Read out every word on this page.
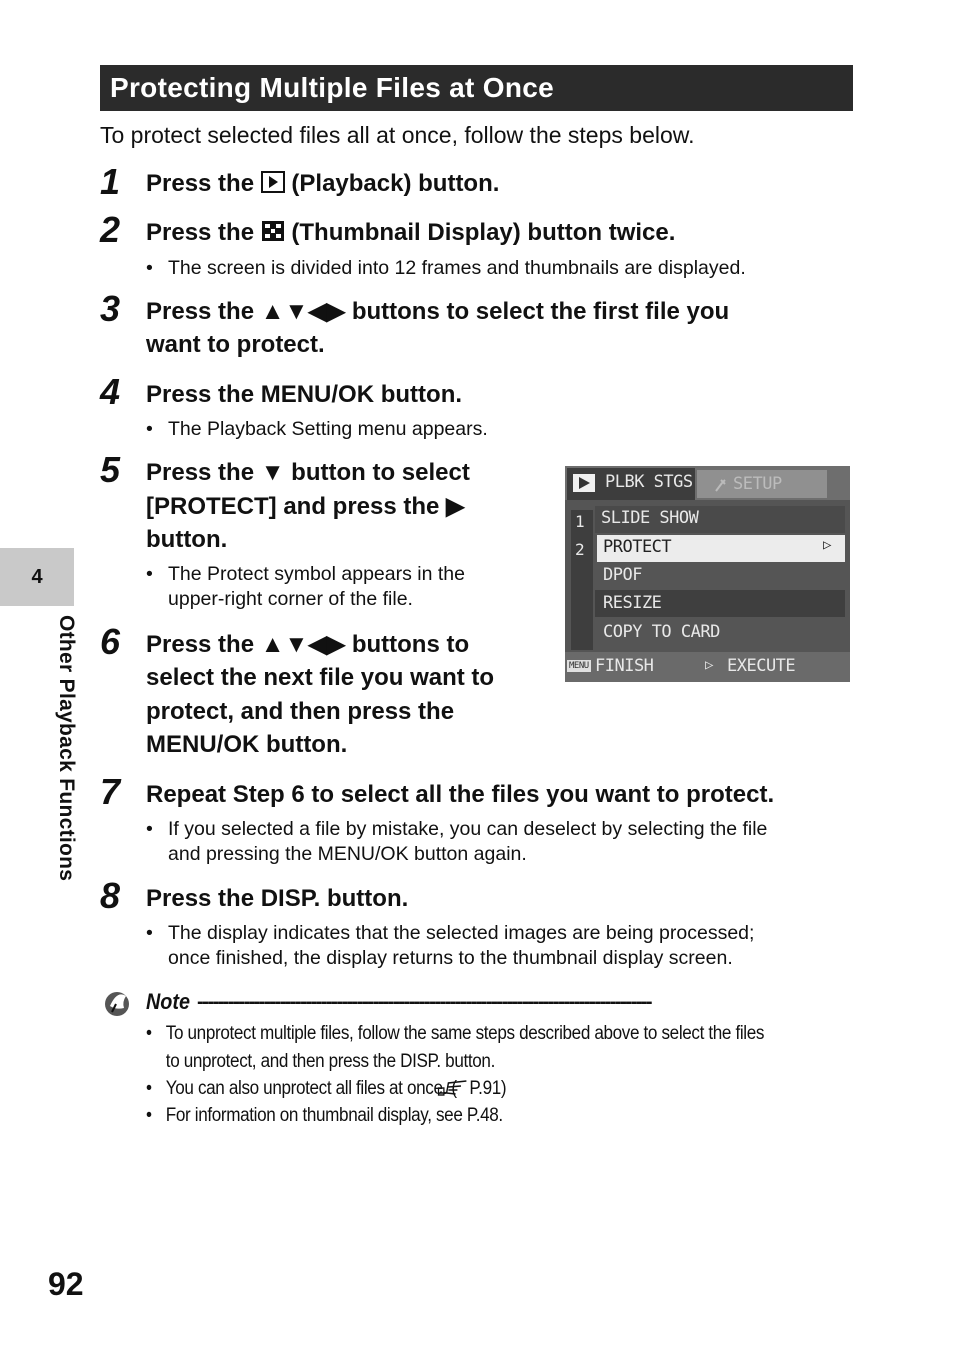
Protecting Multiple Files at Once
To protect selected files all at once, follow the steps below.
1 Press the  (Playback) button.
2 Press the  (Thumbnail Display) button twice.
• The screen is divided into 12 frames and thumbnails are displayed.
3 Press the ▲▼◀▶ buttons to select the first file you
want to protect.
4 Press the MENU/OK button.
• The Playback Setting menu appears.
5 Press the ▼ button to select
[PROTECT] and press the ▶
button.
• The Protect symbol appears in the
upper-right corner of the file.
PLBK STGS SETUP
1
2
SLIDE SHOW
PROTECT	▷
DPOF
RESIZE
COPY TO CARD
MENU FINISH	▷ EXECUTE
6 Press the ▲▼◀▶ buttons to
select the next file you want to
protect, and then press the
MENU/OK button.
7 Repeat Step 6 to select all the files you want to protect.
• If you selected a file by mistake, you can deselect by selecting the file
and pressing the MENU/OK button again.
8 Press the DISP. button.
• The display indicates that the selected images are being processed;
once finished, the display returns to the thumbnail display screen.
Note ----------------------------------------------------------------------------------------
• To unprotect multiple files, follow the same steps described above to select the files
to unprotect, and then press the DISP. button.
• You can also unprotect all files at once. ( P.91)
• For information on thumbnail display, see P.48.
4
Other Playback Functions
92
